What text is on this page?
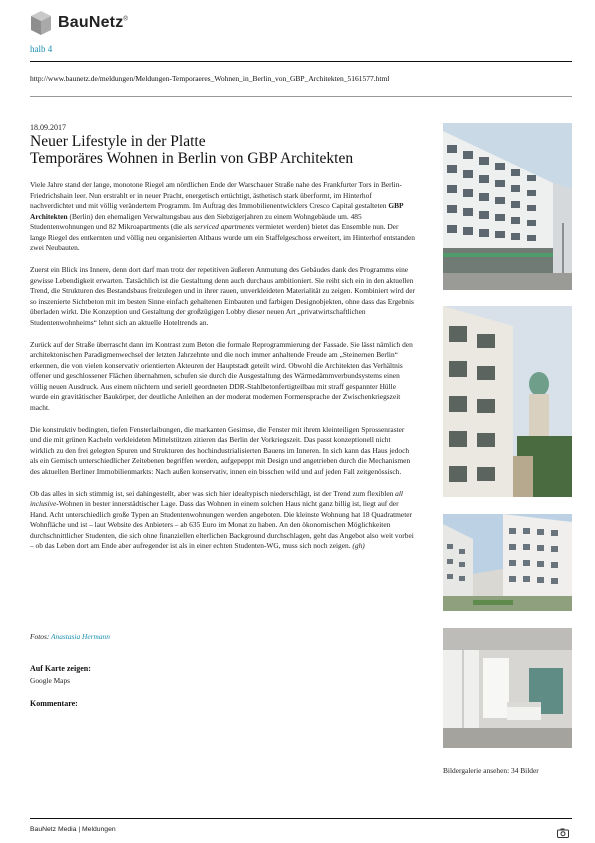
BauNetz®
halb 4
http://www.baunetz.de/meldungen/Meldungen-Temporaeres_Wohnen_in_Berlin_von_GBP_Architekten_5161577.html
18.09.2017
Neuer Lifestyle in der Platte
Temporäres Wohnen in Berlin von GBP Architekten

Viele Jahre stand der lange, monotone Riegel am nördlichen Ende der Warschauer Straße nahe des Frankfurter Tors in Berlin-Friedrichshain leer. Nun erstrahlt er in neuer Pracht, energetisch ertüchtigt, ästhetisch stark überformt, im Hinterhof nachverdichtet und mit völlig verändertem Programm. Im Auftrag des Immobilienentwicklers Cresco Capital gestalteten GBP Architekten (Berlin) den ehemaligen Verwaltungsbau aus den Siebzigerjahren zu einem Wohngebäude um. 485 Studentenwohnungen und 82 Mikroapartments (die als serviced apartments vermietet werden) bietet das Ensemble nun. Der lange Riegel des entkernten und völlig neu organisierten Altbaus wurde um ein Staffelgeschoss erweitert, im Hinterhof entstanden zwei Neubauten.

Zuerst ein Blick ins Innere, denn dort darf man trotz der repetitiven äußeren Anmutung des Gebäudes dank des Programms eine gewisse Lebendigkeit erwarten. Tatsächlich ist die Gestaltung denn auch durchaus ambitioniert. Sie reiht sich ein in den aktuellen Trend, die Strukturen des Bestandsbaus freizulegen und in ihrer rauen, unverkleideten Materialität zu zeigen. Kombiniert wird der so inszenierte Sichtbeton mit im besten Sinne einfach gehaltenen Einbauten und farbigen Designobjekten, ohne dass das Ergebnis überladen wirkt. Die Konzeption und Gestaltung der großzügigen Lobby dieser neuen Art „privatwirtschaftlichen Studentenwohnheims“ lehnt sich an aktuelle Hoteltrends an.

Zurück auf der Straße überrascht dann im Kontrast zum Beton die formale Reprogrammierung der Fassade. Sie lässt nämlich den architektonischen Paradigmenwechsel der letzten Jahrzehnte und die noch immer anhaltende Freude am „Steinernen Berlin“ erkennen, die von vielen konservativ orientierten Akteuren der Hauptstadt geteilt wird. Obwohl die Architekten das Verhältnis offener und geschlossener Flächen übernahmen, schufen sie durch die Ausgestaltung des Wärmedämmverbundsystems einen völlig neuen Ausdruck. Aus einem nüchtern und seriell geordneten DDR-Stahlbetonfertigteilbau mit straff gespannter Hülle wurde ein gravitätischer Baukörper, der deutliche Anleihen an der moderat modernen Formensprache der Zwischenkriegszeit macht.

Die konstruktiv bedingten, tiefen Fensterlaibungen, die markanten Gesimse, die Fenster mit ihrem kleinteiligen Sprossenraster und die mit grünen Kacheln verkleideten Mittelstützen zitieren das Berlin der Vorkriegszeit. Das passt konzeptionell nicht wirklich zu den frei gelegten Spuren und Strukturen des hochindustrialisierten Bauens im Inneren. In sich kann das Haus jedoch als ein Gemisch unterschiedlicher Zeitebenen begriffen werden, aufgepeppt mit Design und angetrieben durch die Mechanismen des aktuellen Berliner Immobilienmarkts: Nach außen konservativ, innen ein bisschen wild und auf jeden Fall zeitgenössisch.

Ob das alles in sich stimmig ist, sei dahingestellt, aber was sich hier idealtypisch niederschlägt, ist der Trend zum flexiblen all inclusive-Wohnen in bester innerstädtischer Lage. Dass das Wohnen in einem solchen Haus nicht ganz billig ist, liegt auf der Hand. Acht unterschiedlich große Typen an Studentenwohnungen werden angeboten. Die kleinste Wohnung hat 18 Quadratmeter Wohnfläche und ist – laut Website des Anbieters – ab 635 Euro im Monat zu haben. An den ökonomischen Möglichkeiten durchschnittlicher Studenten, die sich ohne finanziellen elterlichen Background durchschlagen, geht das Angebot also weit vorbei – ob das Leben dort am Ende aber aufregender ist als in einer echten Studenten-WG, muss sich noch zeigen. (gh)

Fotos: Anastasia Hermann
Auf Karte zeigen:
Google Maps
Kommentare:
Bildergalerie ansehen: 34 Bilder
BauNetz Media | Meldungen
